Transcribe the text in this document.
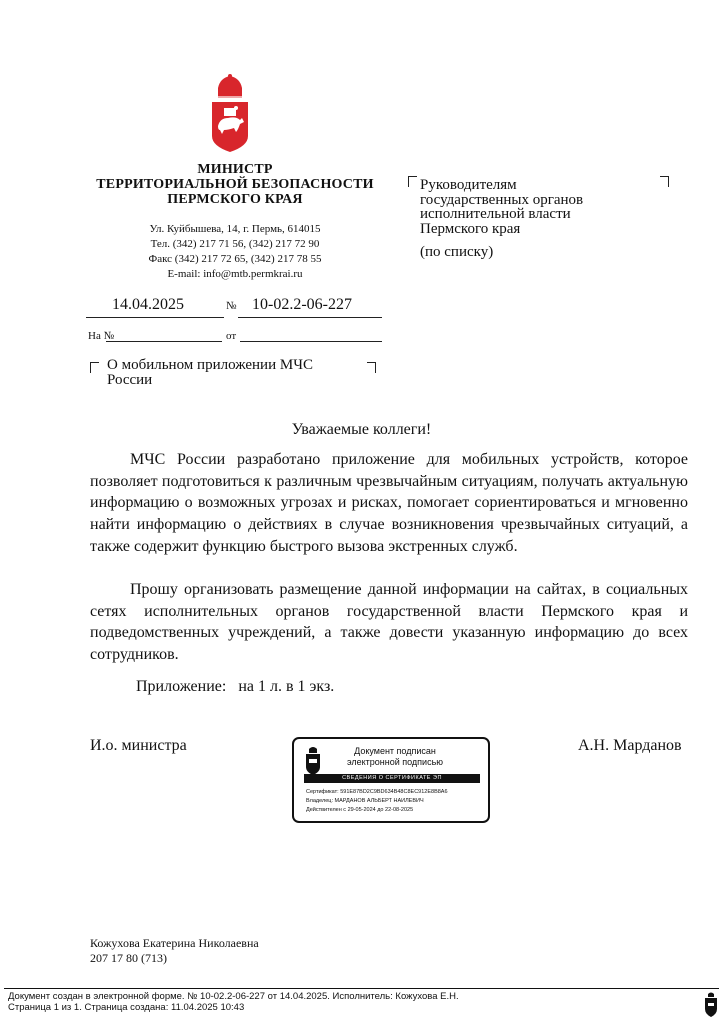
МИНИСТР
ТЕРРИТОРИАЛЬНОЙ БЕЗОПАСНОСТИ
ПЕРМСКОГО КРАЯ
Ул. Куйбышева, 14, г. Пермь, 614015
Тел. (342) 217 71 56, (342) 217 72 90
Факс (342) 217 72 65, (342) 217 78 55
E-mail: info@mtb.permkrai.ru
14.04.2025	№ 10-02.2-06-227
На №	от
О мобильном приложении МЧС
России
Руководителям
государственных органов
исполнительной власти
Пермского края
(по списку)
Уважаемые коллеги!

МЧС России разработано приложение для мобильных устройств, которое позволяет подготовиться к различным чрезвычайным ситуациям, получать актуальную информацию о возможных угрозах и рисках, помогает сориентироваться и мгновенно найти информацию о действиях в случае возникновения чрезвычайных ситуаций, а также содержит функцию быстрого вызова экстренных служб.

Прошу организовать размещение данной информации на сайтах, в социальных сетях исполнительных органов государственной власти Пермского края и подведомственных учреждений, а также довести указанную информацию до всех сотрудников.

Приложение: на 1 л. в 1 экз.
И.о. министра	А.Н. Марданов
Документ подписан
электронной подписью
СВЕДЕНИЯ О СЕРТИФИКАТЕ ЭП
Сертификат: 591E87BD2C9BD634B48C8EC912E8B8A6
Владелец: МАРДАНОВ АЛЬБЕРТ НАИЛЕВИЧ
Действителен с 29-05-2024 до 22-08-2025
Кожухова Екатерина Николаевна
207 17 80 (713)
Документ создан в электронной форме. № 10-02.2-06-227 от 14.04.2025. Исполнитель: Кожухова Е.Н.
Страница 1 из 1. Страница создана: 11.04.2025 10:43
